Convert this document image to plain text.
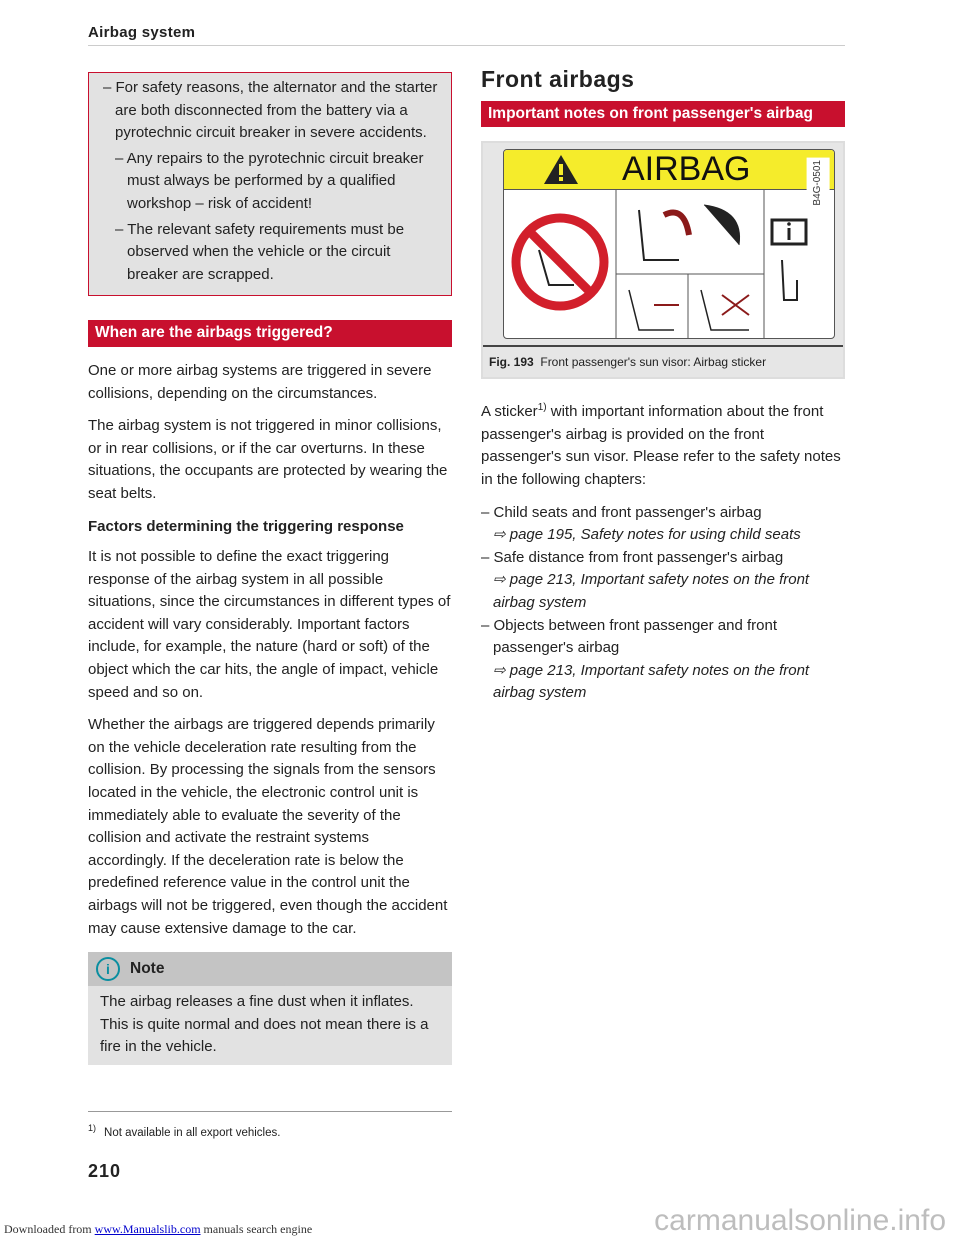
Airbag system
– For safety reasons, the alternator and the starter are both disconnected from the battery via a pyrotechnic circuit breaker in severe accidents.
– Any repairs to the pyrotechnic circuit breaker must always be performed by a qualified workshop – risk of accident!
– The relevant safety requirements must be observed when the vehicle or the circuit breaker are scrapped.
When are the airbags triggered?

One or more airbag systems are triggered in severe collisions, depending on the circumstances.

The airbag system is not triggered in minor collisions, or in rear collisions, or if the car overturns. In these situations, the occupants are protected by wearing the seat belts.

Factors determining the triggering response

It is not possible to define the exact triggering response of the airbag system in all possible situations, since the circumstances in different types of accident will vary considerably. Important factors include, for example, the nature (hard or soft) of the object which the car hits, the angle of impact, vehicle speed and so on.

Whether the airbags are triggered depends primarily on the vehicle deceleration rate resulting from the collision. By processing the signals from the sensors located in the vehicle, the electronic control unit is immediately able to evaluate the severity of the collision and activate the restraint systems accordingly. If the deceleration rate is below the predefined reference value in the control unit the airbags will not be triggered, even though the accident may cause extensive damage to the car.

i	Note
The airbag releases a fine dust when it inflates. This is quite normal and does not mean there is a fire in the vehicle.
$^{1)}$ Not available in all export vehicles.
210
Front airbags
Important notes on front passenger's airbag
AIRBAG	B4G-0501
Fig. 193 Front passenger's sun visor: Airbag sticker

A sticker$^{1)}$ with important information about the front passenger's airbag is provided on the front passenger's sun visor. Please refer to the safety notes in the following chapters:

– Child seats and front passenger's airbag
⇨ page 195, Safety notes for using child seats
– Safe distance from front passenger's airbag
⇨ page 213, Important safety notes on the front airbag system
– Objects between front passenger and front passenger's airbag
⇨ page 213, Important safety notes on the front airbag system
Downloaded from www.Manualslib.com manuals search engine	carmanualsonline.info
